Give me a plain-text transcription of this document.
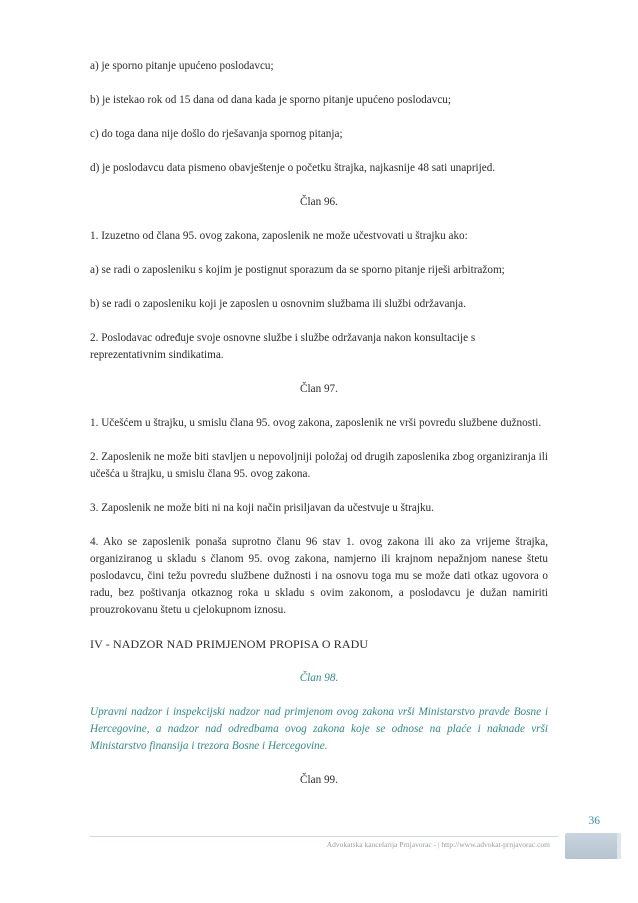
a) je sporno pitanje upućeno poslodavcu;

b) je istekao rok od 15 dana od dana kada je sporno pitanje upućeno poslodavcu;

c) do toga dana nije došlo do rješavanja spornog pitanja;

d) je poslodavcu data pismeno obavještenje o početku štrajka, najkasnije 48 sati unaprijed.

Član 96.

1. Izuzetno od člana 95. ovog zakona, zaposlenik ne može učestvovati u štrajku ako:

a) se radi o zaposleniku s kojim je postignut sporazum da se sporno pitanje riješi arbitražom;

b) se radi o zaposleniku koji je zaposlen u osnovnim službama ili službi održavanja.

2. Poslodavac određuje svoje osnovne službe i službe održavanja nakon konsultacije s reprezentativnim sindikatima.

Član 97.

1. Učešćem u štrajku, u smislu člana 95. ovog zakona, zaposlenik ne vrši povredu službene dužnosti.

2. Zaposlenik ne može biti stavljen u nepovoljniji položaj od drugih zaposlenika zbog organiziranja ili učešća u štrajku, u smislu člana 95. ovog zakona.

3. Zaposlenik ne može biti ni na koji način prisiljavan da učestvuje u štrajku.

4. Ako se zaposlenik ponaša suprotno članu 96 stav 1. ovog zakona ili ako za vrijeme štrajka, organiziranog u skladu s članom 95. ovog zakona, namjerno ili krajnom nepažnjom nanese štetu poslodavcu, čini težu povredu službene dužnosti i na osnovu toga mu se može dati otkaz ugovora o radu, bez poštivanja otkaznog roka u skladu s ovim zakonom, a poslodavcu je dužan namiriti prouzrokovanu štetu u cjelokupnom iznosu.

IV - NADZOR NAD PRIMJENOM PROPISA O RADU

Član 98.

Upravni nadzor i inspekcijski nadzor nad primjenom ovog zakona vrši Ministarstvo pravde Bosne i Hercegovine, a nadzor nad odredbama ovog zakona koje se odnose na plaće i naknade vrši Ministarstvo finansija i trezora Bosne i Hercegovine.

Član 99.

36
Advokatska kancelarija Prnjavorac - | http://www.advokat-prnjavorac.com
